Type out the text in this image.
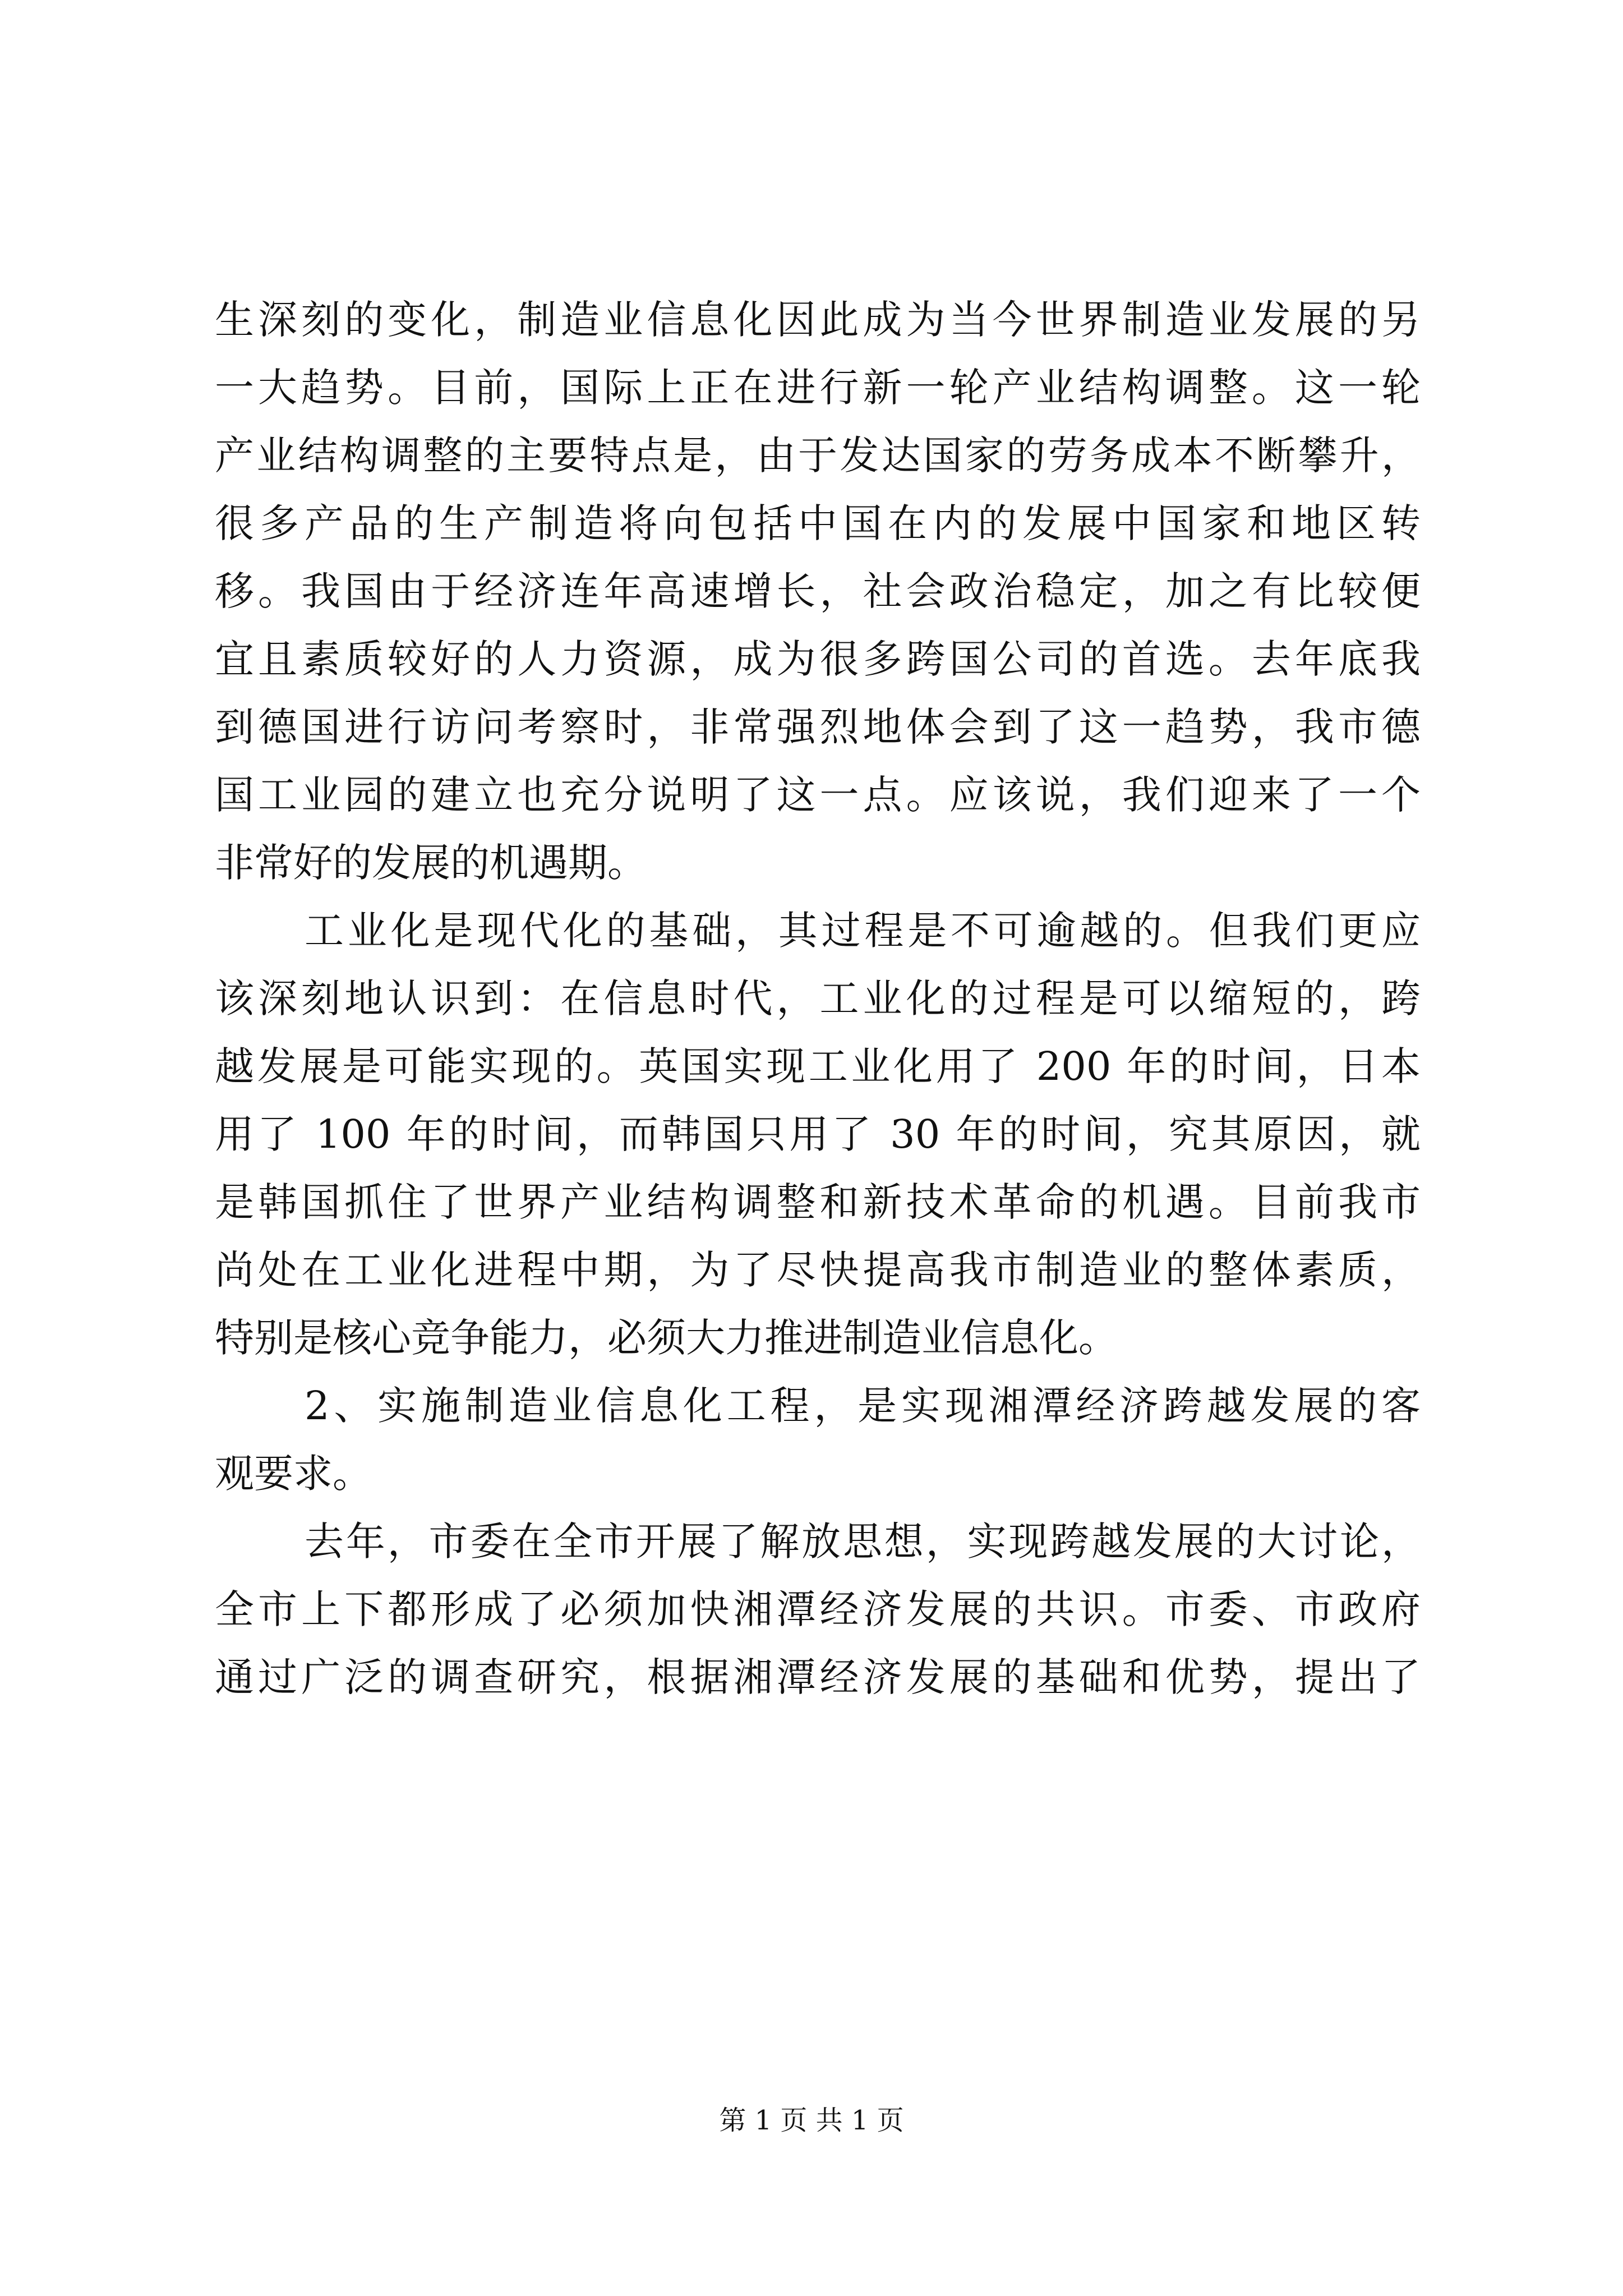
生深刻的变化，制造业信息化因此成为当今世界制造业发展的另
一大趋势。目前，国际上正在进行新一轮产业结构调整。这一轮
产业结构调整的主要特点是，由于发达国家的劳务成本不断攀升，
很多产品的生产制造将向包括中国在内的发展中国家和地区转
移。我国由于经济连年高速增长，社会政治稳定，加之有比较便
宜且素质较好的人力资源，成为很多跨国公司的首选。去年底我
到德国进行访问考察时，非常强烈地体会到了这一趋势，我市德
国工业园的建立也充分说明了这一点。应该说，我们迎来了一个
非常好的发展的机遇期。
工业化是现代化的基础，其过程是不可逾越的。但我们更应
该深刻地认识到：在信息时代，工业化的过程是可以缩短的，跨
越发展是可能实现的。英国实现工业化用了 200 年的时间，日本
用了 100 年的时间，而韩国只用了 30 年的时间，究其原因，就
是韩国抓住了世界产业结构调整和新技术革命的机遇。目前我市
尚处在工业化进程中期，为了尽快提高我市制造业的整体素质，
特别是核心竞争能力，必须大力推进制造业信息化。
2、实施制造业信息化工程，是实现湘潭经济跨越发展的客
观要求。
去年，市委在全市开展了解放思想，实现跨越发展的大讨论，
全市上下都形成了必须加快湘潭经济发展的共识。市委、市政府
通过广泛的调查研究，根据湘潭经济发展的基础和优势，提出了
第 1 页 共 1 页
